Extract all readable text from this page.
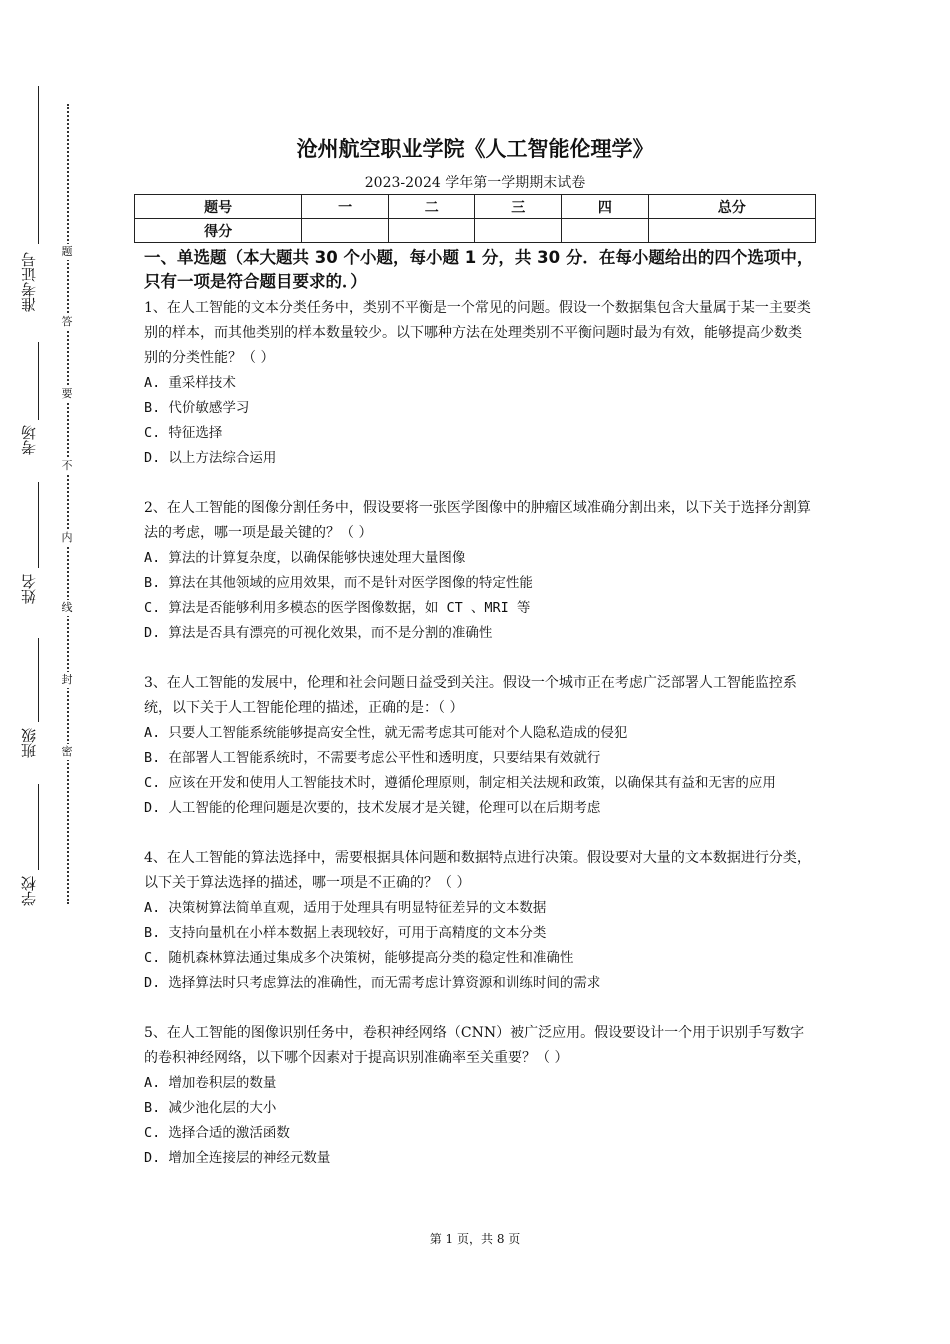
准考证号
考场
姓名
班级
学校
题
答
要
不
内
线
封
密
沧州航空职业学院《人工智能伦理学》
2023-2024 学年第一学期期末试卷
题号	一	二	三	四	总分
得分					
一、单选题（本大题共 30 个小题，每小题 1 分，共 30 分．在每小题给出的四个选项中，只有一项是符合题目要求的．）

1、在人工智能的文本分类任务中，类别不平衡是一个常见的问题。假设一个数据集包含大量属于某一主要类别的样本，而其他类别的样本数量较少。以下哪种方法在处理类别不平衡问题时最为有效，能够提高少数类别的分类性能？（ ）

A. 重采样技术

B. 代价敏感学习

C. 特征选择

D. 以上方法综合运用

2、在人工智能的图像分割任务中，假设要将一张医学图像中的肿瘤区域准确分割出来，以下关于选择分割算法的考虑，哪一项是最关键的？（ ）

A. 算法的计算复杂度，以确保能够快速处理大量图像

B. 算法在其他领域的应用效果，而不是针对医学图像的特定性能

C. 算法是否能够利用多模态的医学图像数据，如 CT 、MRI 等

D. 算法是否具有漂亮的可视化效果，而不是分割的准确性

3、在人工智能的发展中，伦理和社会问题日益受到关注。假设一个城市正在考虑广泛部署人工智能监控系统，以下关于人工智能伦理的描述，正确的是：（ ）

A. 只要人工智能系统能够提高安全性，就无需考虑其可能对个人隐私造成的侵犯

B. 在部署人工智能系统时，不需要考虑公平性和透明度，只要结果有效就行

C. 应该在开发和使用人工智能技术时，遵循伦理原则，制定相关法规和政策，以确保其有益和无害的应用

D. 人工智能的伦理问题是次要的，技术发展才是关键，伦理可以在后期考虑

4、在人工智能的算法选择中，需要根据具体问题和数据特点进行决策。假设要对大量的文本数据进行分类，以下关于算法选择的描述，哪一项是不正确的？（ ）

A. 决策树算法简单直观，适用于处理具有明显特征差异的文本数据

B. 支持向量机在小样本数据上表现较好，可用于高精度的文本分类

C. 随机森林算法通过集成多个决策树，能够提高分类的稳定性和准确性

D. 选择算法时只考虑算法的准确性，而无需考虑计算资源和训练时间的需求

5、在人工智能的图像识别任务中，卷积神经网络（CNN）被广泛应用。假设要设计一个用于识别手写数字的卷积神经网络，以下哪个因素对于提高识别准确率至关重要？（ ）

A. 增加卷积层的数量

B. 减少池化层的大小

C. 选择合适的激活函数

D. 增加全连接层的神经元数量

第 1 页，共 8 页
